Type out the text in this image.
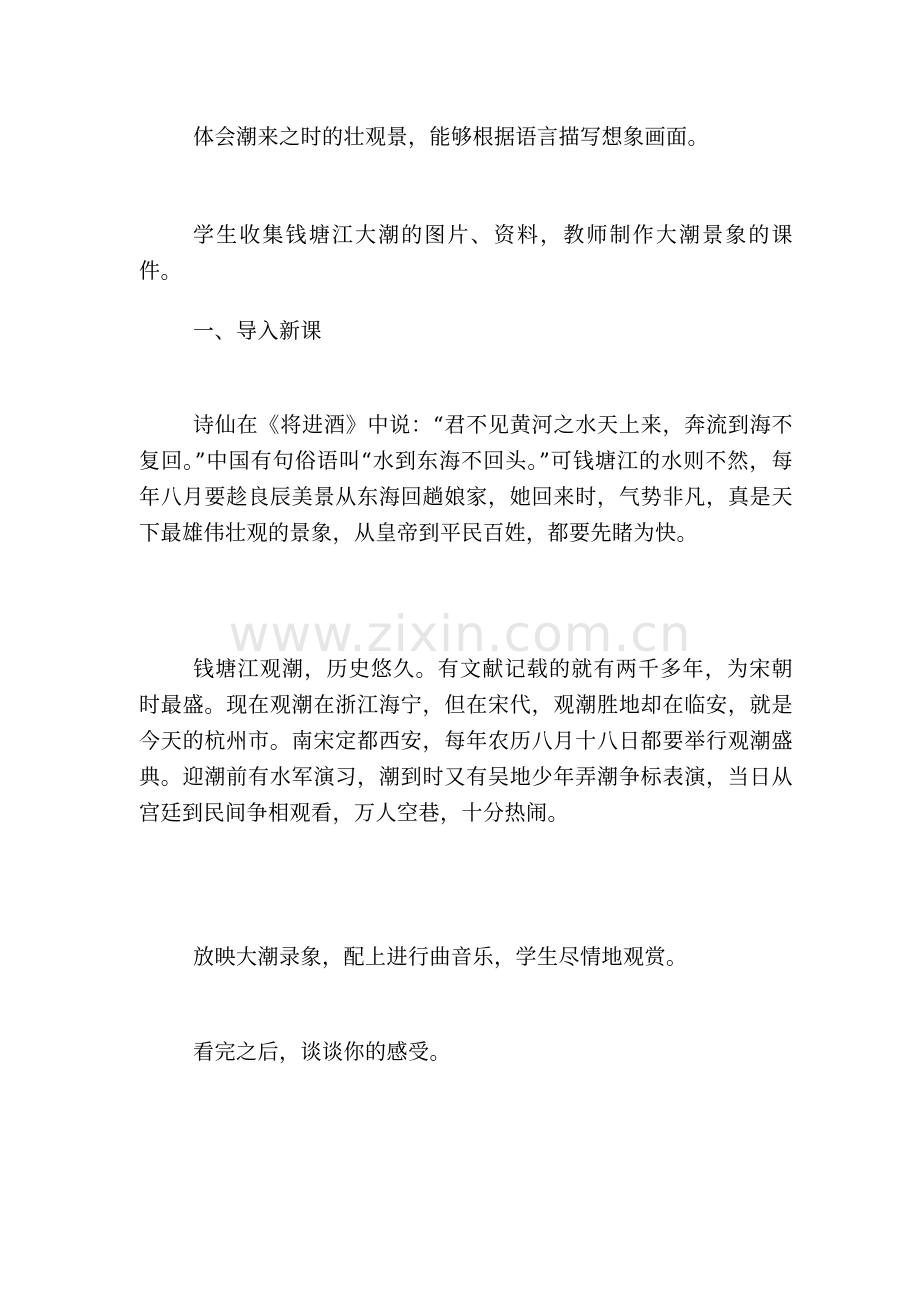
体会潮来之时的壮观景，能够根据语言描写想象画面。

学生收集钱塘江大潮的图片、资料，教师制作大潮景象的课件。

一、导入新课

诗仙在《将进酒》中说：“君不见黄河之水天上来，奔流到海不复回。”中国有句俗语叫“水到东海不回头。”可钱塘江的水则不然，每年八月要趁良辰美景从东海回趟娘家，她回来时，气势非凡，真是天下最雄伟壮观的景象，从皇帝到平民百姓，都要先睹为快。

钱塘江观潮，历史悠久。有文献记载的就有两千多年，为宋朝时最盛。现在观潮在浙江海宁，但在宋代，观潮胜地却在临安，就是今天的杭州市。南宋定都西安，每年农历八月十八日都要举行观潮盛典。迎潮前有水军演习，潮到时又有吴地少年弄潮争标表演，当日从宫廷到民间争相观看，万人空巷，十分热闹。

放映大潮录象，配上进行曲音乐，学生尽情地观赏。

看完之后，谈谈你的感受。

www.zixin.com.cn
